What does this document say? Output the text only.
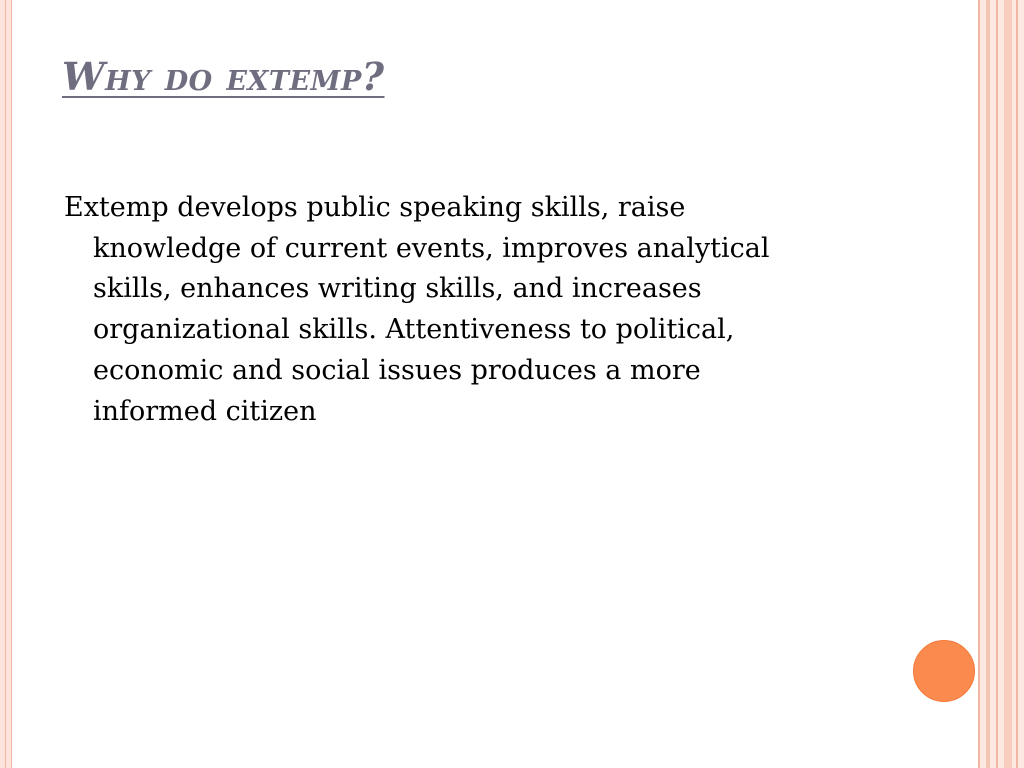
Why do extemp?

Extemp develops public speaking skills, raise
knowledge of current events, improves analytical
skills, enhances writing skills, and increases
organizational skills. Attentiveness to political,
economic and social issues produces a more
informed citizen
